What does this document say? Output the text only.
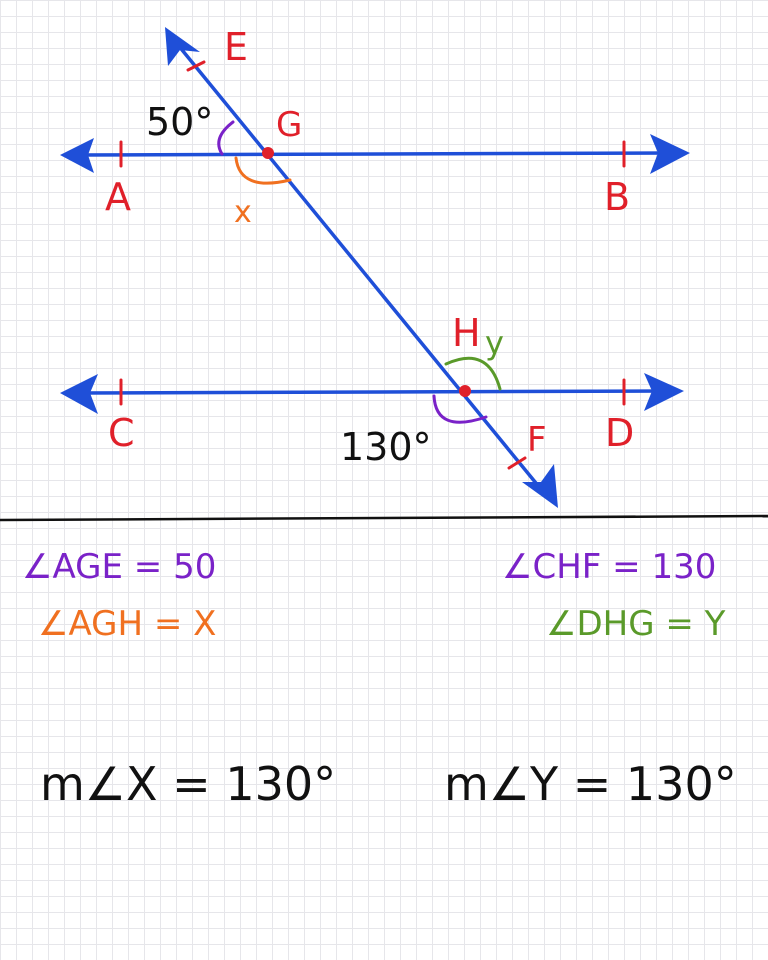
E
G
A	B
H
C	D
F
50°
x
y
130°
∠AGE = 50
∠AGH = X
∠CHF = 130
∠DHG = Y
m∠X = 130° m∠Y = 130°
